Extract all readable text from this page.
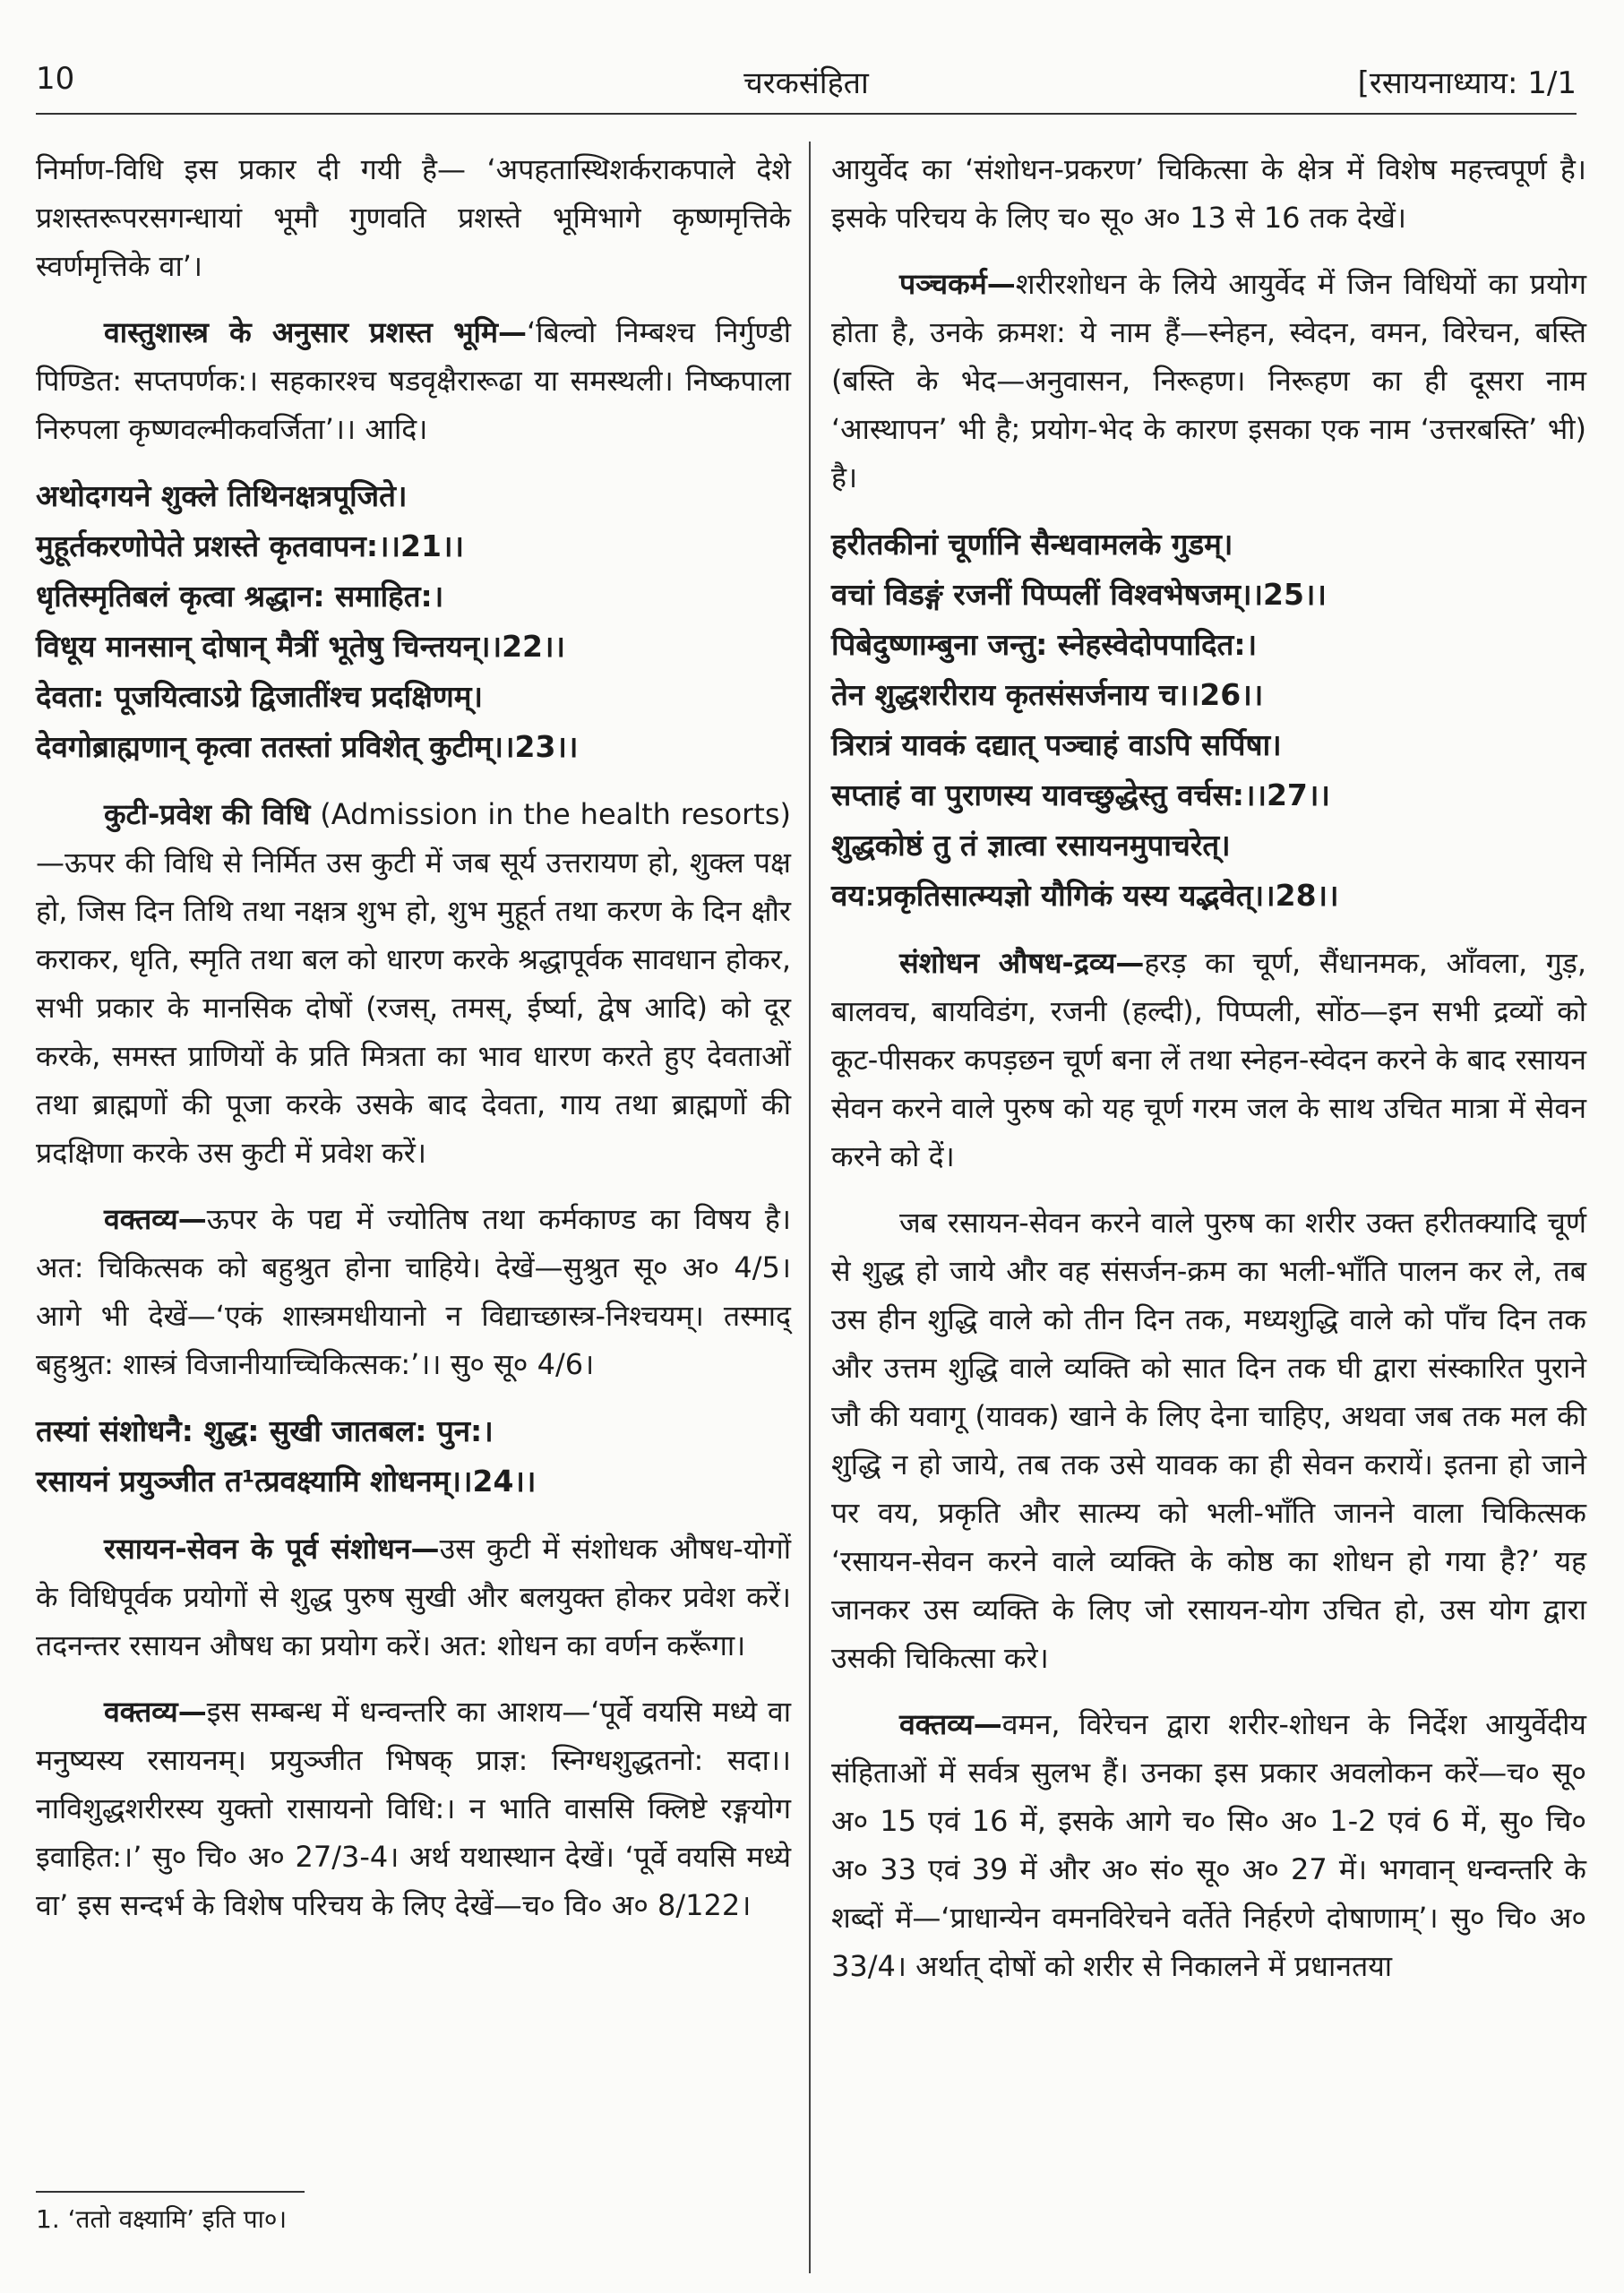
10	चरकसंहिता	[रसायनाध्याय: 1/1

निर्माण-विधि इस प्रकार दी गयी है— ‘अपहतास्थिशर्कराकपाले देशे प्रशस्तरूपरसगन्धायां भूमौ गुणवति प्रशस्ते भूमिभागे कृष्णमृत्तिके स्वर्णमृत्तिके वा’।

वास्तुशास्त्र के अनुसार प्रशस्त भूमि—‘बिल्वो निम्बश्च निर्गुण्डी पिण्डित: सप्तपर्णक:। सहकारश्च षडवृक्षैरारूढा या समस्थली। निष्कपाला निरुपला कृष्णवल्मीकवर्जिता’।। आदि।

अथोदगयने शुक्ले तिथिनक्षत्रपूजिते।
मुहूर्तकरणोपेते प्रशस्ते कृतवापन:।।21।।
धृतिस्मृतिबलं कृत्वा श्रद्धान: समाहित:।
विधूय मानसान् दोषान् मैत्रीं भूतेषु चिन्तयन्।।22।।
देवता: पूजयित्वाऽग्रे द्विजातींश्च प्रदक्षिणम्।
देवगोब्राह्मणान् कृत्वा ततस्तां प्रविशेत् कुटीम्।।23।।

कुटी-प्रवेश की विधि (Admission in the health resorts)—ऊपर की विधि से निर्मित उस कुटी में जब सूर्य उत्तरायण हो, शुक्ल पक्ष हो, जिस दिन तिथि तथा नक्षत्र शुभ हो, शुभ मुहूर्त तथा करण के दिन क्षौर कराकर, धृति, स्मृति तथा बल को धारण करके श्रद्धापूर्वक सावधान होकर, सभी प्रकार के मानसिक दोषों (रजस्, तमस्, ईर्ष्या, द्वेष आदि) को दूर करके, समस्त प्राणियों के प्रति मित्रता का भाव धारण करते हुए देवताओं तथा ब्राह्मणों की पूजा करके उसके बाद देवता, गाय तथा ब्राह्मणों की प्रदक्षिणा करके उस कुटी में प्रवेश करें।

वक्तव्य—ऊपर के पद्य में ज्योतिष तथा कर्मकाण्ड का विषय है। अत: चिकित्सक को बहुश्रुत होना चाहिये। देखें—सुश्रुत सू० अ० 4/5। आगे भी देखें—‘एकं शास्त्रमधीयानो न विद्याच्छास्त्र-निश्चयम्। तस्माद् बहुश्रुत: शास्त्रं विजानीयाच्चिकित्सक:’।। सु० सू० 4/6।

तस्यां संशोधनै: शुद्ध: सुखी जातबल: पुन:।
रसायनं प्रयुञ्जीत त¹त्प्रवक्ष्यामि शोधनम्।।24।।

रसायन-सेवन के पूर्व संशोधन—उस कुटी में संशोधक औषध-योगों के विधिपूर्वक प्रयोगों से शुद्ध पुरुष सुखी और बलयुक्त होकर प्रवेश करें। तदनन्तर रसायन औषध का प्रयोग करें। अत: शोधन का वर्णन करूँगा।

वक्तव्य—इस सम्बन्ध में धन्वन्तरि का आशय—‘पूर्वे वयसि मध्ये वा मनुष्यस्य रसायनम्। प्रयुञ्जीत भिषक् प्राज्ञ: स्निग्धशुद्धतनो: सदा।। नाविशुद्धशरीरस्य युक्तो रासायनो विधि:। न भाति वाससि क्लिष्टे रङ्गयोग इवाहित:।’ सु० चि० अ० 27/3-4। अर्थ यथास्थान देखें। ‘पूर्वे वयसि मध्ये वा’ इस सन्दर्भ के विशेष परिचय के लिए देखें—च० वि० अ० 8/122।

1. ‘ततो वक्ष्यामि’ इति पा०।

आयुर्वेद का ‘संशोधन-प्रकरण’ चिकित्सा के क्षेत्र में विशेष महत्त्वपूर्ण है। इसके परिचय के लिए च० सू० अ० 13 से 16 तक देखें।

पञ्चकर्म—शरीरशोधन के लिये आयुर्वेद में जिन विधियों का प्रयोग होता है, उनके क्रमश: ये नाम हैं—स्नेहन, स्वेदन, वमन, विरेचन, बस्ति (बस्ति के भेद—अनुवासन, निरूहण। निरूहण का ही दूसरा नाम ‘आस्थापन’ भी है; प्रयोग-भेद के कारण इसका एक नाम ‘उत्तरबस्ति’ भी) है।

हरीतकीनां चूर्णानि सैन्धवामलके गुडम्।
वचां विडङ्गं रजनीं पिप्पलीं विश्वभेषजम्।।25।।
पिबेदुष्णाम्बुना जन्तु: स्नेहस्वेदोपपादित:।
तेन शुद्धशरीराय कृतसंसर्जनाय च।।26।।
त्रिरात्रं यावकं दद्यात् पञ्चाहं वाऽपि सर्पिषा।
सप्ताहं वा पुराणस्य यावच्छुद्धेस्तु वर्चस:।।27।।
शुद्धकोष्ठं तु तं ज्ञात्वा रसायनमुपाचरेत्।
वय:प्रकृतिसात्म्यज्ञो यौगिकं यस्य यद्भवेत्।।28।।

संशोधन औषध-द्रव्य—हरड़ का चूर्ण, सैंधानमक, आँवला, गुड़, बालवच, बायविडंग, रजनी (हल्दी), पिप्पली, सोंठ—इन सभी द्रव्यों को कूट-पीसकर कपड़छन चूर्ण बना लें तथा स्नेहन-स्वेदन करने के बाद रसायन सेवन करने वाले पुरुष को यह चूर्ण गरम जल के साथ उचित मात्रा में सेवन करने को दें।

जब रसायन-सेवन करने वाले पुरुष का शरीर उक्त हरीतक्यादि चूर्ण से शुद्ध हो जाये और वह संसर्जन-क्रम का भली-भाँति पालन कर ले, तब उस हीन शुद्धि वाले को तीन दिन तक, मध्यशुद्धि वाले को पाँच दिन तक और उत्तम शुद्धि वाले व्यक्ति को सात दिन तक घी द्वारा संस्कारित पुराने जौ की यवागू (यावक) खाने के लिए देना चाहिए, अथवा जब तक मल की शुद्धि न हो जाये, तब तक उसे यावक का ही सेवन करायें। इतना हो जाने पर वय, प्रकृति और सात्म्य को भली-भाँति जानने वाला चिकित्सक ‘रसायन-सेवन करने वाले व्यक्ति के कोष्ठ का शोधन हो गया है?’ यह जानकर उस व्यक्ति के लिए जो रसायन-योग उचित हो, उस योग द्वारा उसकी चिकित्सा करे।

वक्तव्य—वमन, विरेचन द्वारा शरीर-शोधन के निर्देश आयुर्वेदीय संहिताओं में सर्वत्र सुलभ हैं। उनका इस प्रकार अवलोकन करें—च० सू० अ० 15 एवं 16 में, इसके आगे च० सि० अ० 1-2 एवं 6 में, सु० चि० अ० 33 एवं 39 में और अ० सं० सू० अ० 27 में। भगवान् धन्वन्तरि के शब्दों में—‘प्राधान्येन वमनविरेचने वर्तेते निर्हरणे दोषाणाम्’। सु० चि० अ० 33/4। अर्थात् दोषों को शरीर से निकालने में प्रधानतया
